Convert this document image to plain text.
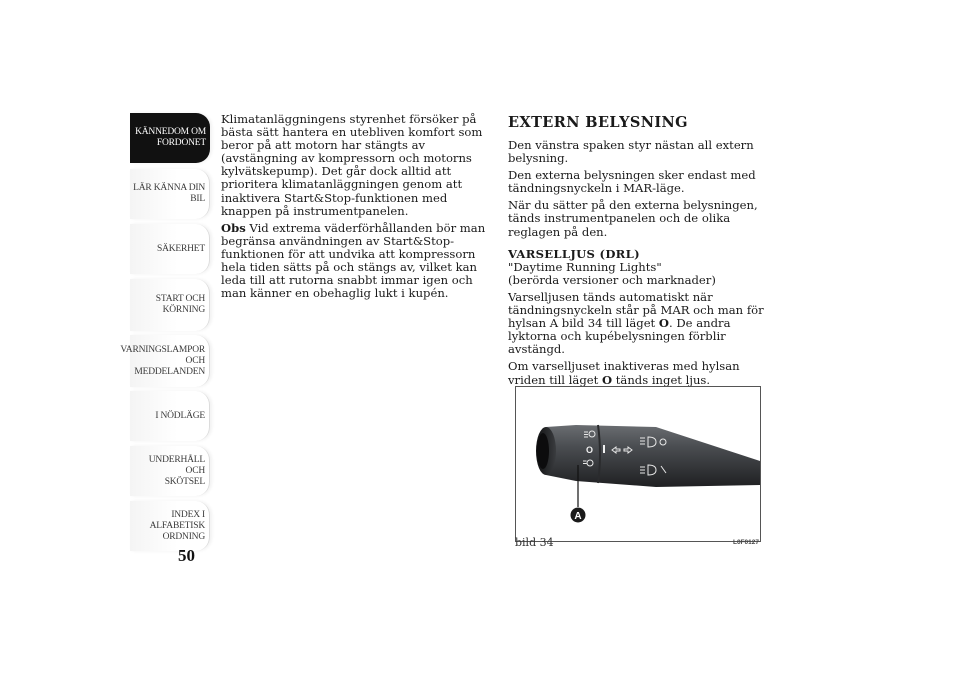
KÄNNEDOM OM
FORDONET
LÄR KÄNNA DIN
BIL
SÄKERHET
START OCH
KÖRNING
VARNINGSLAMPOR
OCH
MEDDELANDEN
I NÖDLÄGE
UNDERHÅLL OCH
SKÖTSEL
INDEX I
ALFABETISK
ORDNING
50

Klimatanläggningens styrenhet försöker på bästa sätt hantera en utebliven komfort som beror på att motorn har stängts av (avstängning av kompressorn och motorns kylvätskepump). Det går dock alltid att prioritera klimatanläggningen genom att inaktivera Start&Stop-funktionen med knappen på instrumentpanelen.

Obs Vid extrema väderförhållanden bör man begränsa användningen av Start&Stop-funktionen för att undvika att kompressorn hela tiden sätts på och stängs av, vilket kan leda till att rutorna snabbt immar igen och man känner en obehaglig lukt i kupén.

EXTERN BELYSNING

Den vänstra spaken styr nästan all extern belysning.

Den externa belysningen sker endast med tändningsnyckeln i MAR-läge.

När du sätter på den externa belysningen, tänds instrumentpanelen och de olika reglagen på den.

VARSELLJUS (DRL)
"Daytime Running Lights"

(berörda versioner och marknader)

Varselljusen tänds automatiskt när tändningsnyckeln står på MAR och man för hylsan A bild 34 till läget O. De andra lyktorna och kupébelysningen förblir avstängd.

Om varselljuset inaktiveras med hylsan vriden till läget O tänds inget ljus.

O
A
bild 34	L0F0127
